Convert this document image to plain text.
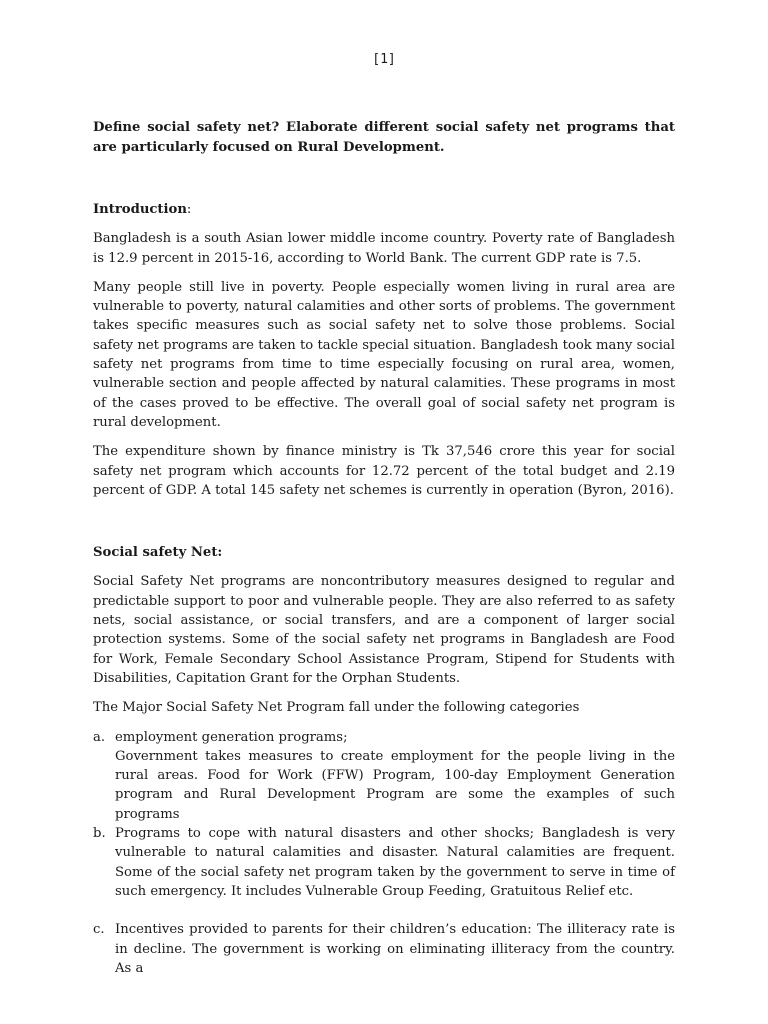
[1]

Define social safety net? Elaborate different social safety net programs that are particularly focused on Rural Development.

Introduction:

Bangladesh is a south Asian lower middle income country. Poverty rate of Bangladesh is 12.9 percent in 2015-16, according to World Bank. The current GDP rate is 7.5.

Many people still live in poverty. People especially women living in rural area are vulnerable to poverty, natural calamities and other sorts of problems. The government takes specific measures such as social safety net to solve those problems. Social safety net programs are taken to tackle special situation. Bangladesh took many social safety net programs from time to time especially focusing on rural area, women, vulnerable section and people affected by natural calamities. These programs in most of the cases proved to be effective. The overall goal of social safety net program is rural development.

The expenditure shown by finance ministry is Tk 37,546 crore this year for social safety net program which accounts for 12.72 percent of the total budget and 2.19 percent of GDP. A total 145 safety net schemes is currently in operation (Byron, 2016).

Social safety Net:

Social Safety Net programs are noncontributory measures designed to regular and predictable support to poor and vulnerable people. They are also referred to as safety nets, social assistance, or social transfers, and are a component of larger social protection systems. Some of the social safety net programs in Bangladesh are Food for Work, Female Secondary School Assistance Program, Stipend for Students with Disabilities, Capitation Grant for the Orphan Students.

The Major Social Safety Net Program fall under the following categories

a. employment generation programs;

Government takes measures to create employment for the people living in the rural areas. Food for Work (FFW) Program, 100-day Employment Generation program and Rural Development Program are some the examples of such programs

b. Programs to cope with natural disasters and other shocks; Bangladesh is very vulnerable to natural calamities and disaster. Natural calamities are frequent. Some of the social safety net program taken by the government to serve in time of such emergency. It includes Vulnerable Group Feeding, Gratuitous Relief etc.

c. Incentives provided to parents for their children’s education: The illiteracy rate is in decline. The government is working on eliminating illiteracy from the country. As a
